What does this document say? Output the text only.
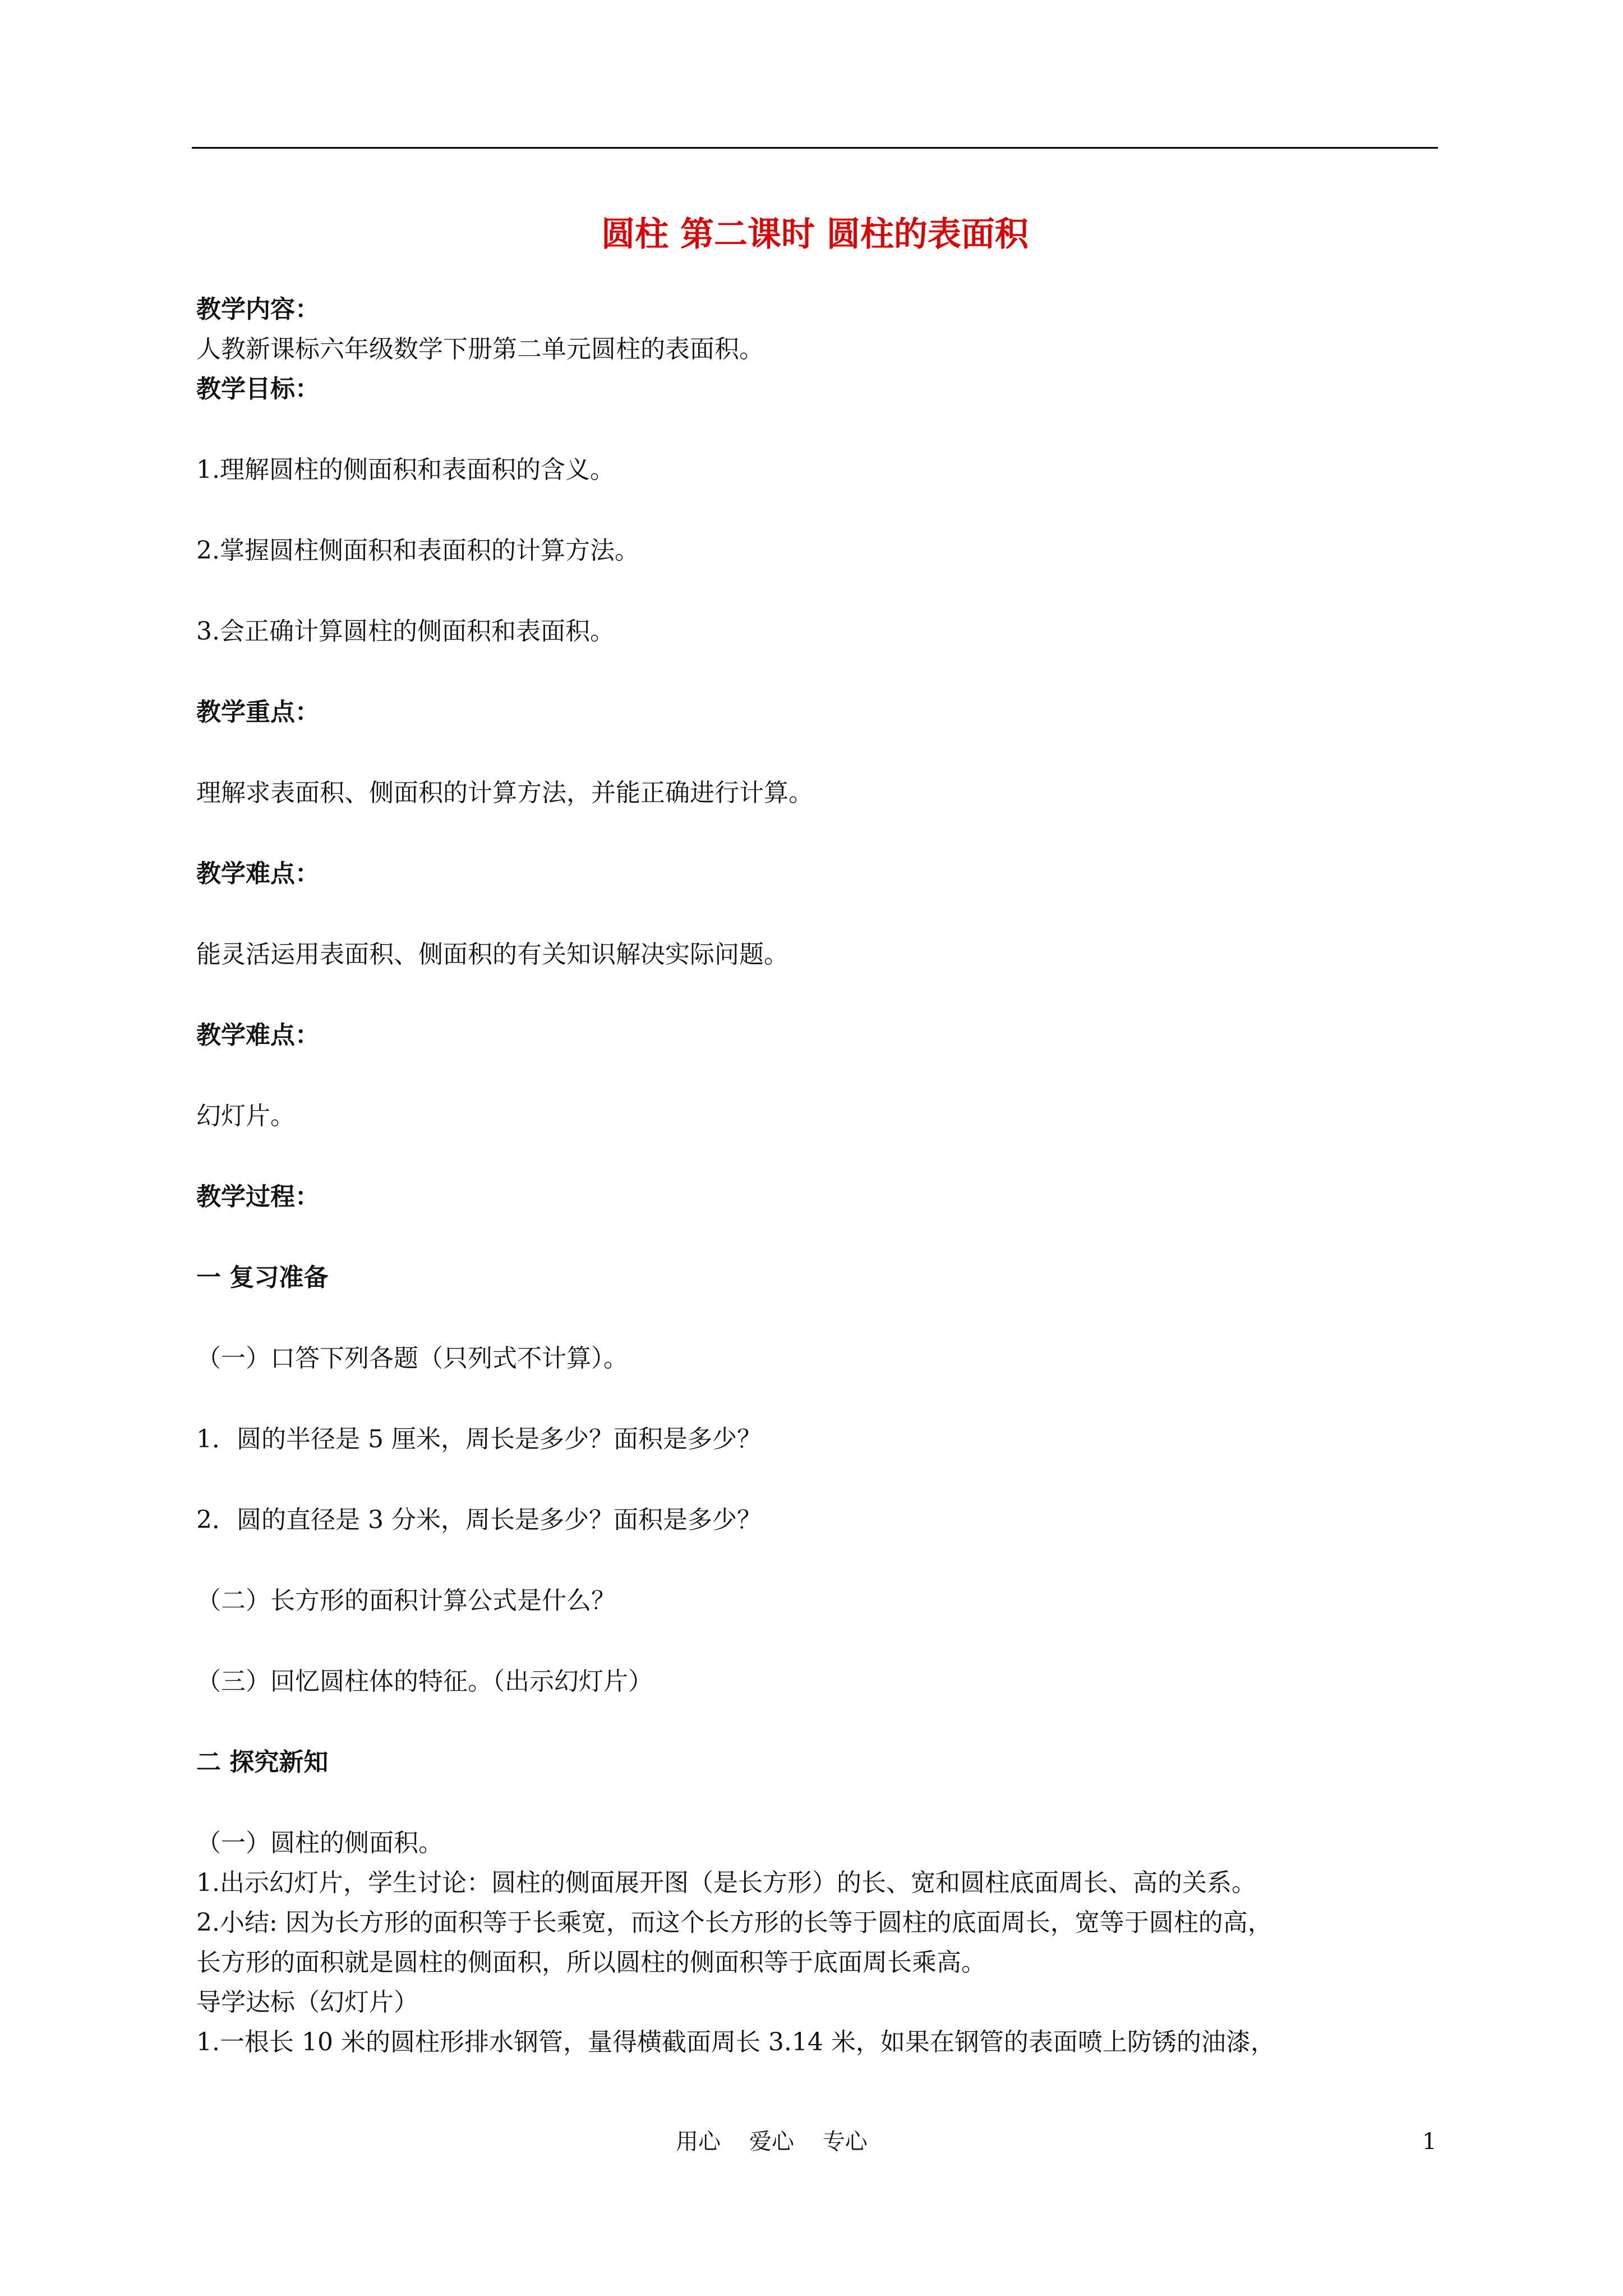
圆柱 第二课时 圆柱的表面积
教学内容：
人教新课标六年级数学下册第二单元圆柱的表面积。
教学目标：
1.理解圆柱的侧面积和表面积的含义。
2.掌握圆柱侧面积和表面积的计算方法。
3.会正确计算圆柱的侧面积和表面积。
教学重点：
理解求表面积、侧面积的计算方法，并能正确进行计算。
教学难点：
能灵活运用表面积、侧面积的有关知识解决实际问题。
教学难点：
幻灯片。
教学过程：
一 复习准备
（一）口答下列各题（只列式不计算）。
1．圆的半径是 5 厘米，周长是多少？面积是多少？
2．圆的直径是 3 分米，周长是多少？面积是多少？
（二）长方形的面积计算公式是什么？
（三）回忆圆柱体的特征。（出示幻灯片）
二 探究新知
（一）圆柱的侧面积。
1.出示幻灯片，学生讨论：圆柱的侧面展开图（是长方形）的长、宽和圆柱底面周长、高的关系。
2.小结: 因为长方形的面积等于长乘宽，而这个长方形的长等于圆柱的底面周长，宽等于圆柱的高，
长方形的面积就是圆柱的侧面积，所以圆柱的侧面积等于底面周长乘高。
导学达标（幻灯片）
1.一根长 10 米的圆柱形排水钢管，量得横截面周长 3.14 米，如果在钢管的表面喷上防锈的油漆，
用心    爱心    专心	1
